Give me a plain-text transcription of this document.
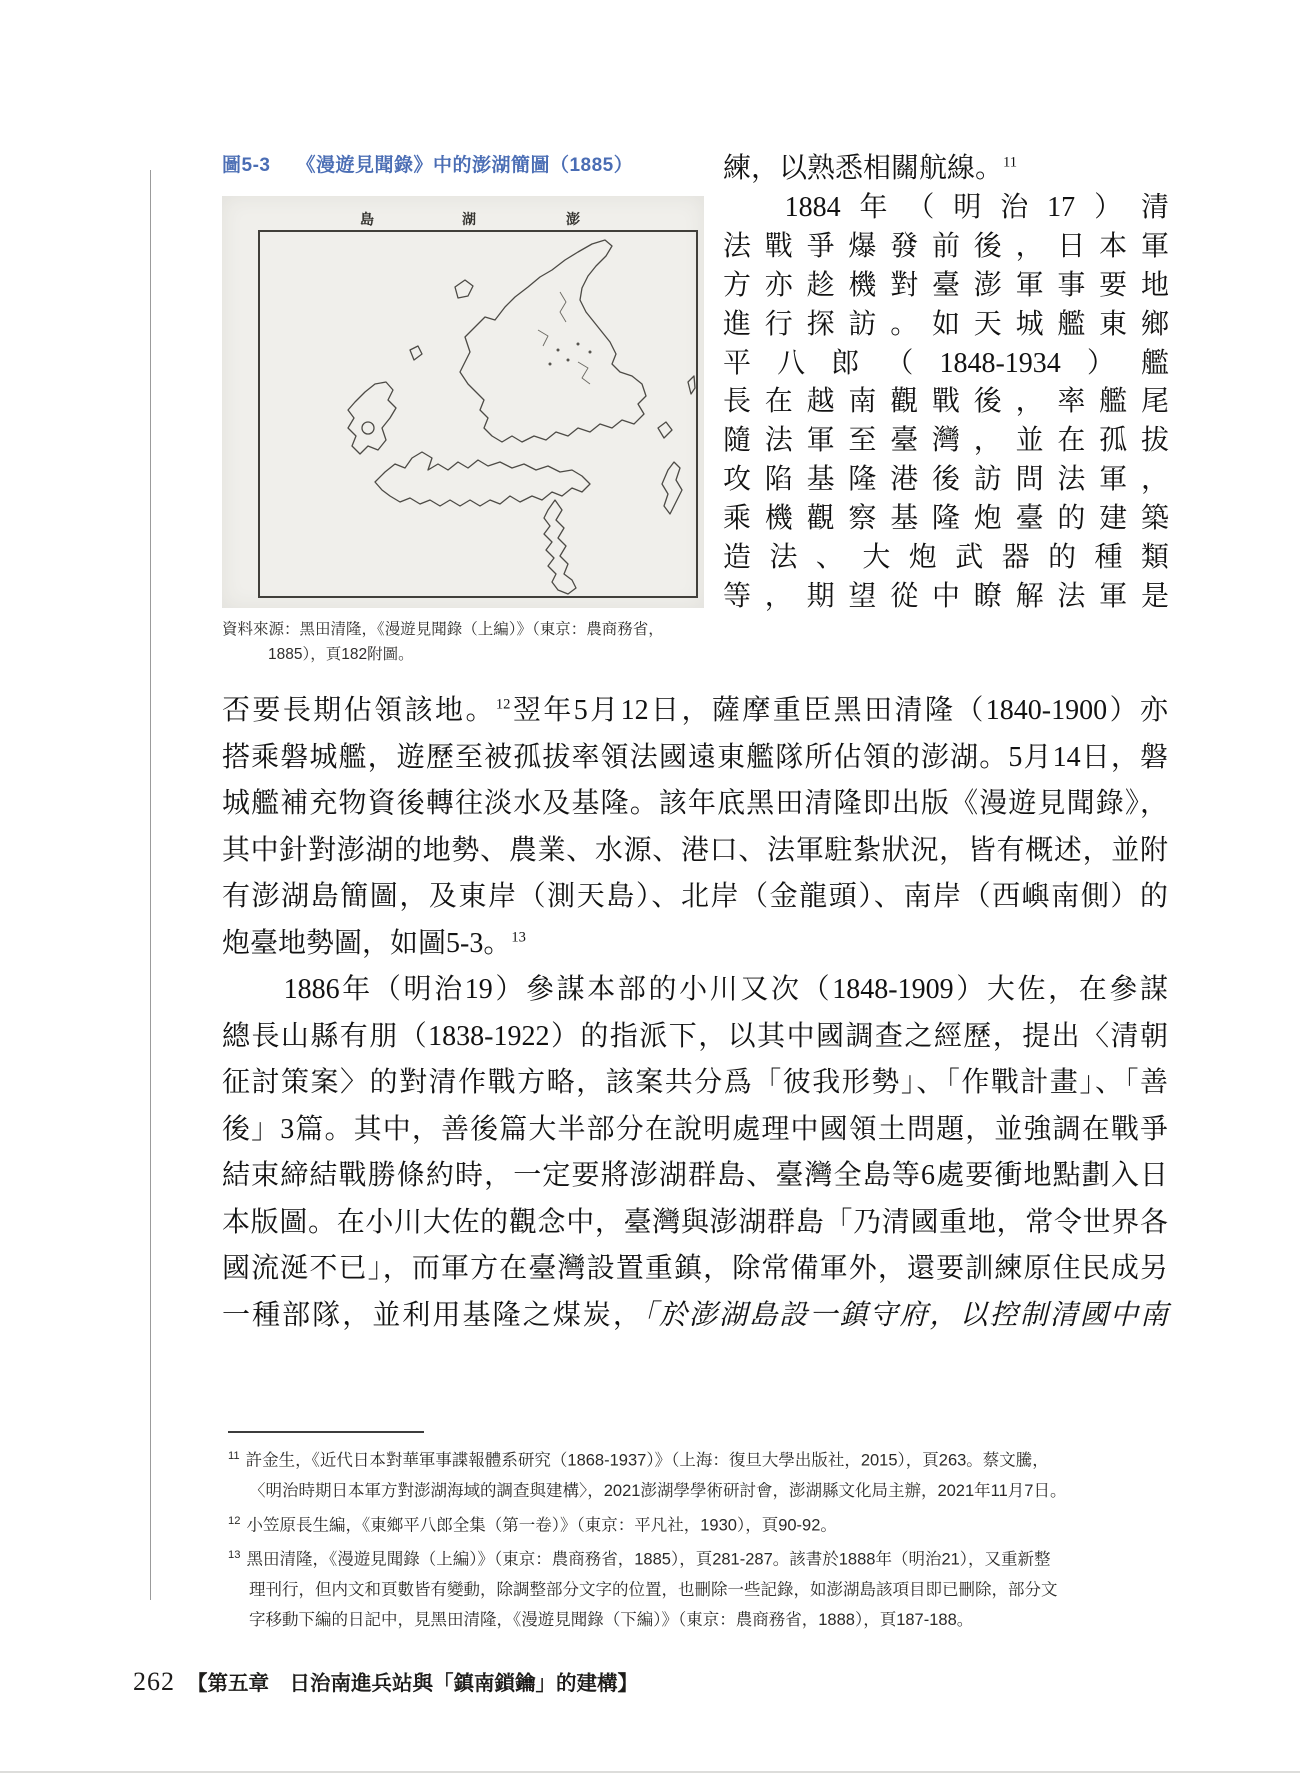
圖5-3 《漫遊見聞錄》中的澎湖簡圖（1885）
島	湖	澎
資料來源：黑田清隆，《漫遊見聞錄（上編）》（東京：農商務省，
1885），頁182附圖。
練，以熟悉相關航線。$^{11}$
1884年（明治17）清
法戰爭爆發前後，日本軍
方亦趁機對臺澎軍事要地
進行探訪。如天城艦東鄉
平八郎（1848-1934）艦
長在越南觀戰後，率艦尾
隨法軍至臺灣，並在孤拔
攻陷基隆港後訪問法軍，
乘機觀察基隆炮臺的建築
造法、大炮武器的種類
等，期望從中瞭解法軍是
否要長期佔領該地。$^{12}$翌年5月12日，薩摩重臣黑田清隆（1840-1900）亦
搭乘磐城艦，遊歷至被孤拔率領法國遠東艦隊所佔領的澎湖。5月14日，磐
城艦補充物資後轉往淡水及基隆。該年底黑田清隆即出版《漫遊見聞錄》，
其中針對澎湖的地勢、農業、水源、港口、法軍駐紮狀況，皆有概述，並附
有澎湖島簡圖，及東岸（測天島）、北岸（金龍頭）、南岸（西嶼南側）的
炮臺地勢圖，如圖5-3。$^{13}$
1886年（明治19）參謀本部的小川又次（1848-1909）大佐，在參謀
總長山縣有朋（1838-1922）的指派下，以其中國調查之經歷，提出〈清朝
征討策案〉的對清作戰方略，該案共分爲「彼我形勢」、「作戰計畫」、「善
後」3篇。其中，善後篇大半部分在說明處理中國領土問題，並強調在戰爭
結束締結戰勝條約時，一定要將澎湖群島、臺灣全島等6處要衝地點劃入日
本版圖。在小川大佐的觀念中，臺灣與澎湖群島「乃清國重地，常令世界各
國流涎不已」，而軍方在臺灣設置重鎮，除常備軍外，還要訓練原住民成另
一種部隊，並利用基隆之煤炭，「於澎湖島設一鎮守府，以控制清國中南
$^{11}$ 許金生，《近代日本對華軍事諜報體系研究（1868-1937）》（上海：復旦大學出版社，2015），頁263。蔡文騰，
〈明治時期日本軍方對澎湖海域的調查與建構〉，2021澎湖學學術研討會，澎湖縣文化局主辦，2021年11月7日。
$^{12}$ 小笠原長生編，《東鄉平八郎全集（第一卷）》（東京：平凡社，1930），頁90-92。
$^{13}$ 黑田清隆，《漫遊見聞錄（上編）》（東京：農商務省，1885），頁281-287。該書於1888年（明治21），又重新整
理刊行，但内文和頁數皆有變動，除調整部分文字的位置，也刪除一些記錄，如澎湖島該項目即已刪除，部分文
字移動下編的日記中，見黑田清隆，《漫遊見聞錄（下編）》（東京：農商務省，1888），頁187-188。
262 【第五章　日治南進兵站與「鎮南鎖鑰」的建構】
